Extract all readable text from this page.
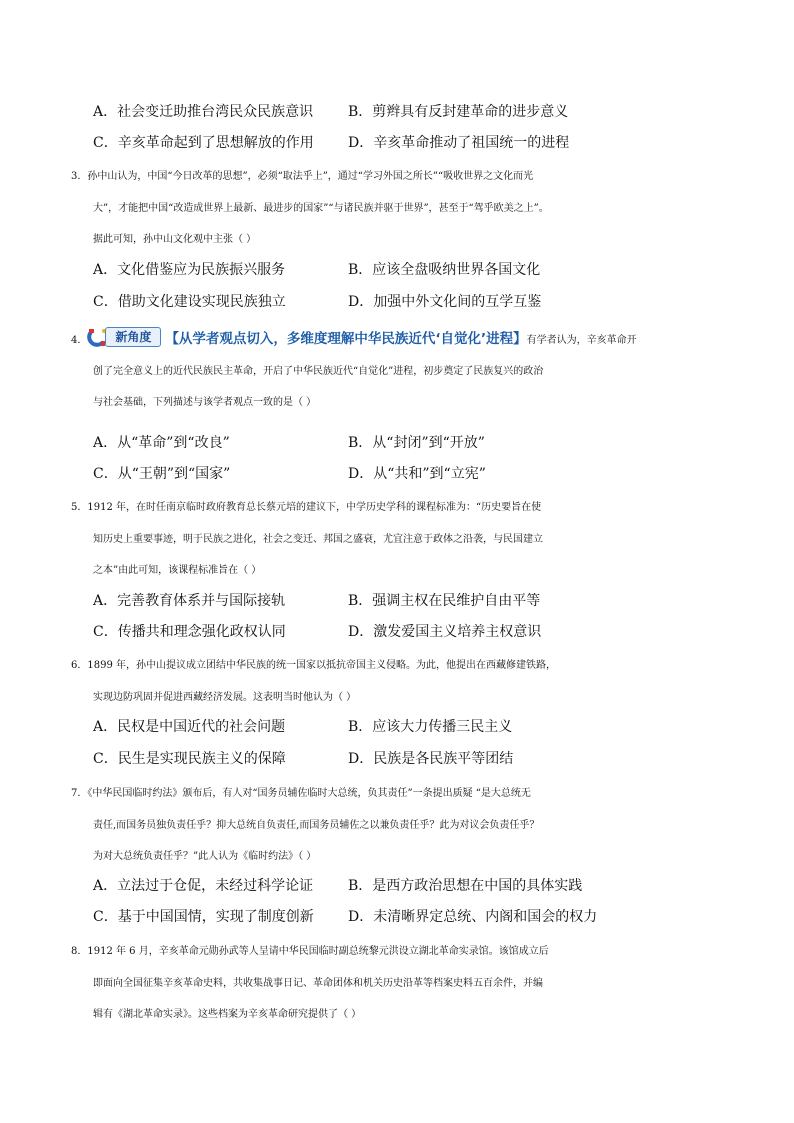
A．社会变迁助推台湾民众民族意识 B．剪辫具有反封建革命的进步意义
C．辛亥革命起到了思想解放的作用 D．辛亥革命推动了祖国统一的进程
3．孙中山认为，中国“今日改革的思想”，必须“取法乎上”，通过“学习外国之所长”“吸收世界之文化而光
大”，才能把中国“改造成世界上最新、最进步的国家”“与诸民族并驱于世界”，甚至于“驾乎欧美之上”。
据此可知，孙中山文化观中主张（ ）
A．文化借鉴应为民族振兴服务	B．应该全盘吸纳世界各国文化
C．借助文化建设实现民族独立	D．加强中外文化间的互学互鉴
4．	新角度	【从学者观点切入，多维度理解中华民族近代‘自觉化’进程】有学者认为，辛亥革命开
创了完全意义上的近代民族民主革命，开启了中华民族近代“自觉化”进程，初步奠定了民族复兴的政治
与社会基础，下列描述与该学者观点一致的是（ ）
A．从“革命”到“改良”	B．从“封闭”到“开放”
C．从“王朝”到“国家”	D．从“共和”到“立宪”
5．1912 年，在时任南京临时政府教育总长蔡元培的建议下，中学历史学科的课程标准为：“历史要旨在使
知历史上重要事迹，明于民族之进化，社会之变迁、邦国之盛衰，尤宜注意于政体之沿袭，与民国建立
之本”由此可知，该课程标准旨在（ ）
A．完善教育体系并与国际接轨	B．强调主权在民维护自由平等
C．传播共和理念强化政权认同	D．激发爱国主义培养主权意识
6．1899 年，孙中山提议成立团结中华民族的统一国家以抵抗帝国主义侵略。为此，他提出在西藏修建铁路，
实现边防巩固并促进西藏经济发展。这表明当时他认为（ ）
A．民权是中国近代的社会问题	B．应该大力传播三民主义
C．民生是实现民族主义的保障	D．民族是各民族平等团结
7．《中华民国临时约法》颁布后，有人对“国务员辅佐临时大总统，负其责任”一条提出质疑 “是大总统无
责任,而国务员独负责任乎？抑大总统自负责任,而国务员辅佐之以兼负责任乎？此为对议会负责任乎？
为对大总统负责任乎？”此人认为《临时约法》（ ）
A．立法过于仓促，未经过科学论证 B．是西方政治思想在中国的具体实践
C．基于中国国情，实现了制度创新 D．未清晰界定总统、内阁和国会的权力
8．1912 年 6 月，辛亥革命元勋孙武等人呈请中华民国临时副总统黎元洪设立湖北革命实录馆。该馆成立后
即面向全国征集辛亥革命史料，共收集战事日记、革命团体和机关历史沿革等档案史料五百余件，并编
辑有《湖北革命实录》。这些档案为辛亥革命研究提供了（ ）
